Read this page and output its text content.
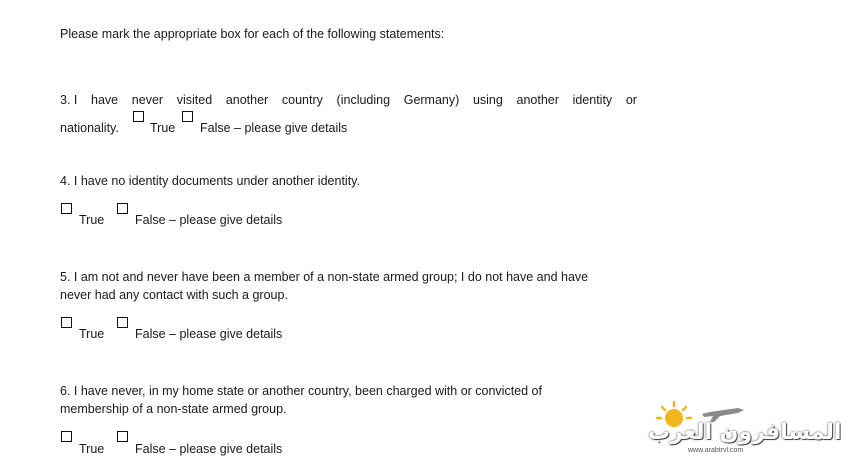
Please mark the appropriate box for each of the following statements:
3. I have never visited another country (including Germany) using another identity or
nationality. True False – please give details
4. I have no identity documents under another identity.
True False – please give details
5. I am not and never have been a member of a non-state armed group; I do not have and have
never had any contact with such a group.
True False – please give details
6. I have never, in my home state or another country, been charged with or convicted of
membership of a non-state armed group.
True False – please give details
المسافرون العرب
www.arabtrvl.com
